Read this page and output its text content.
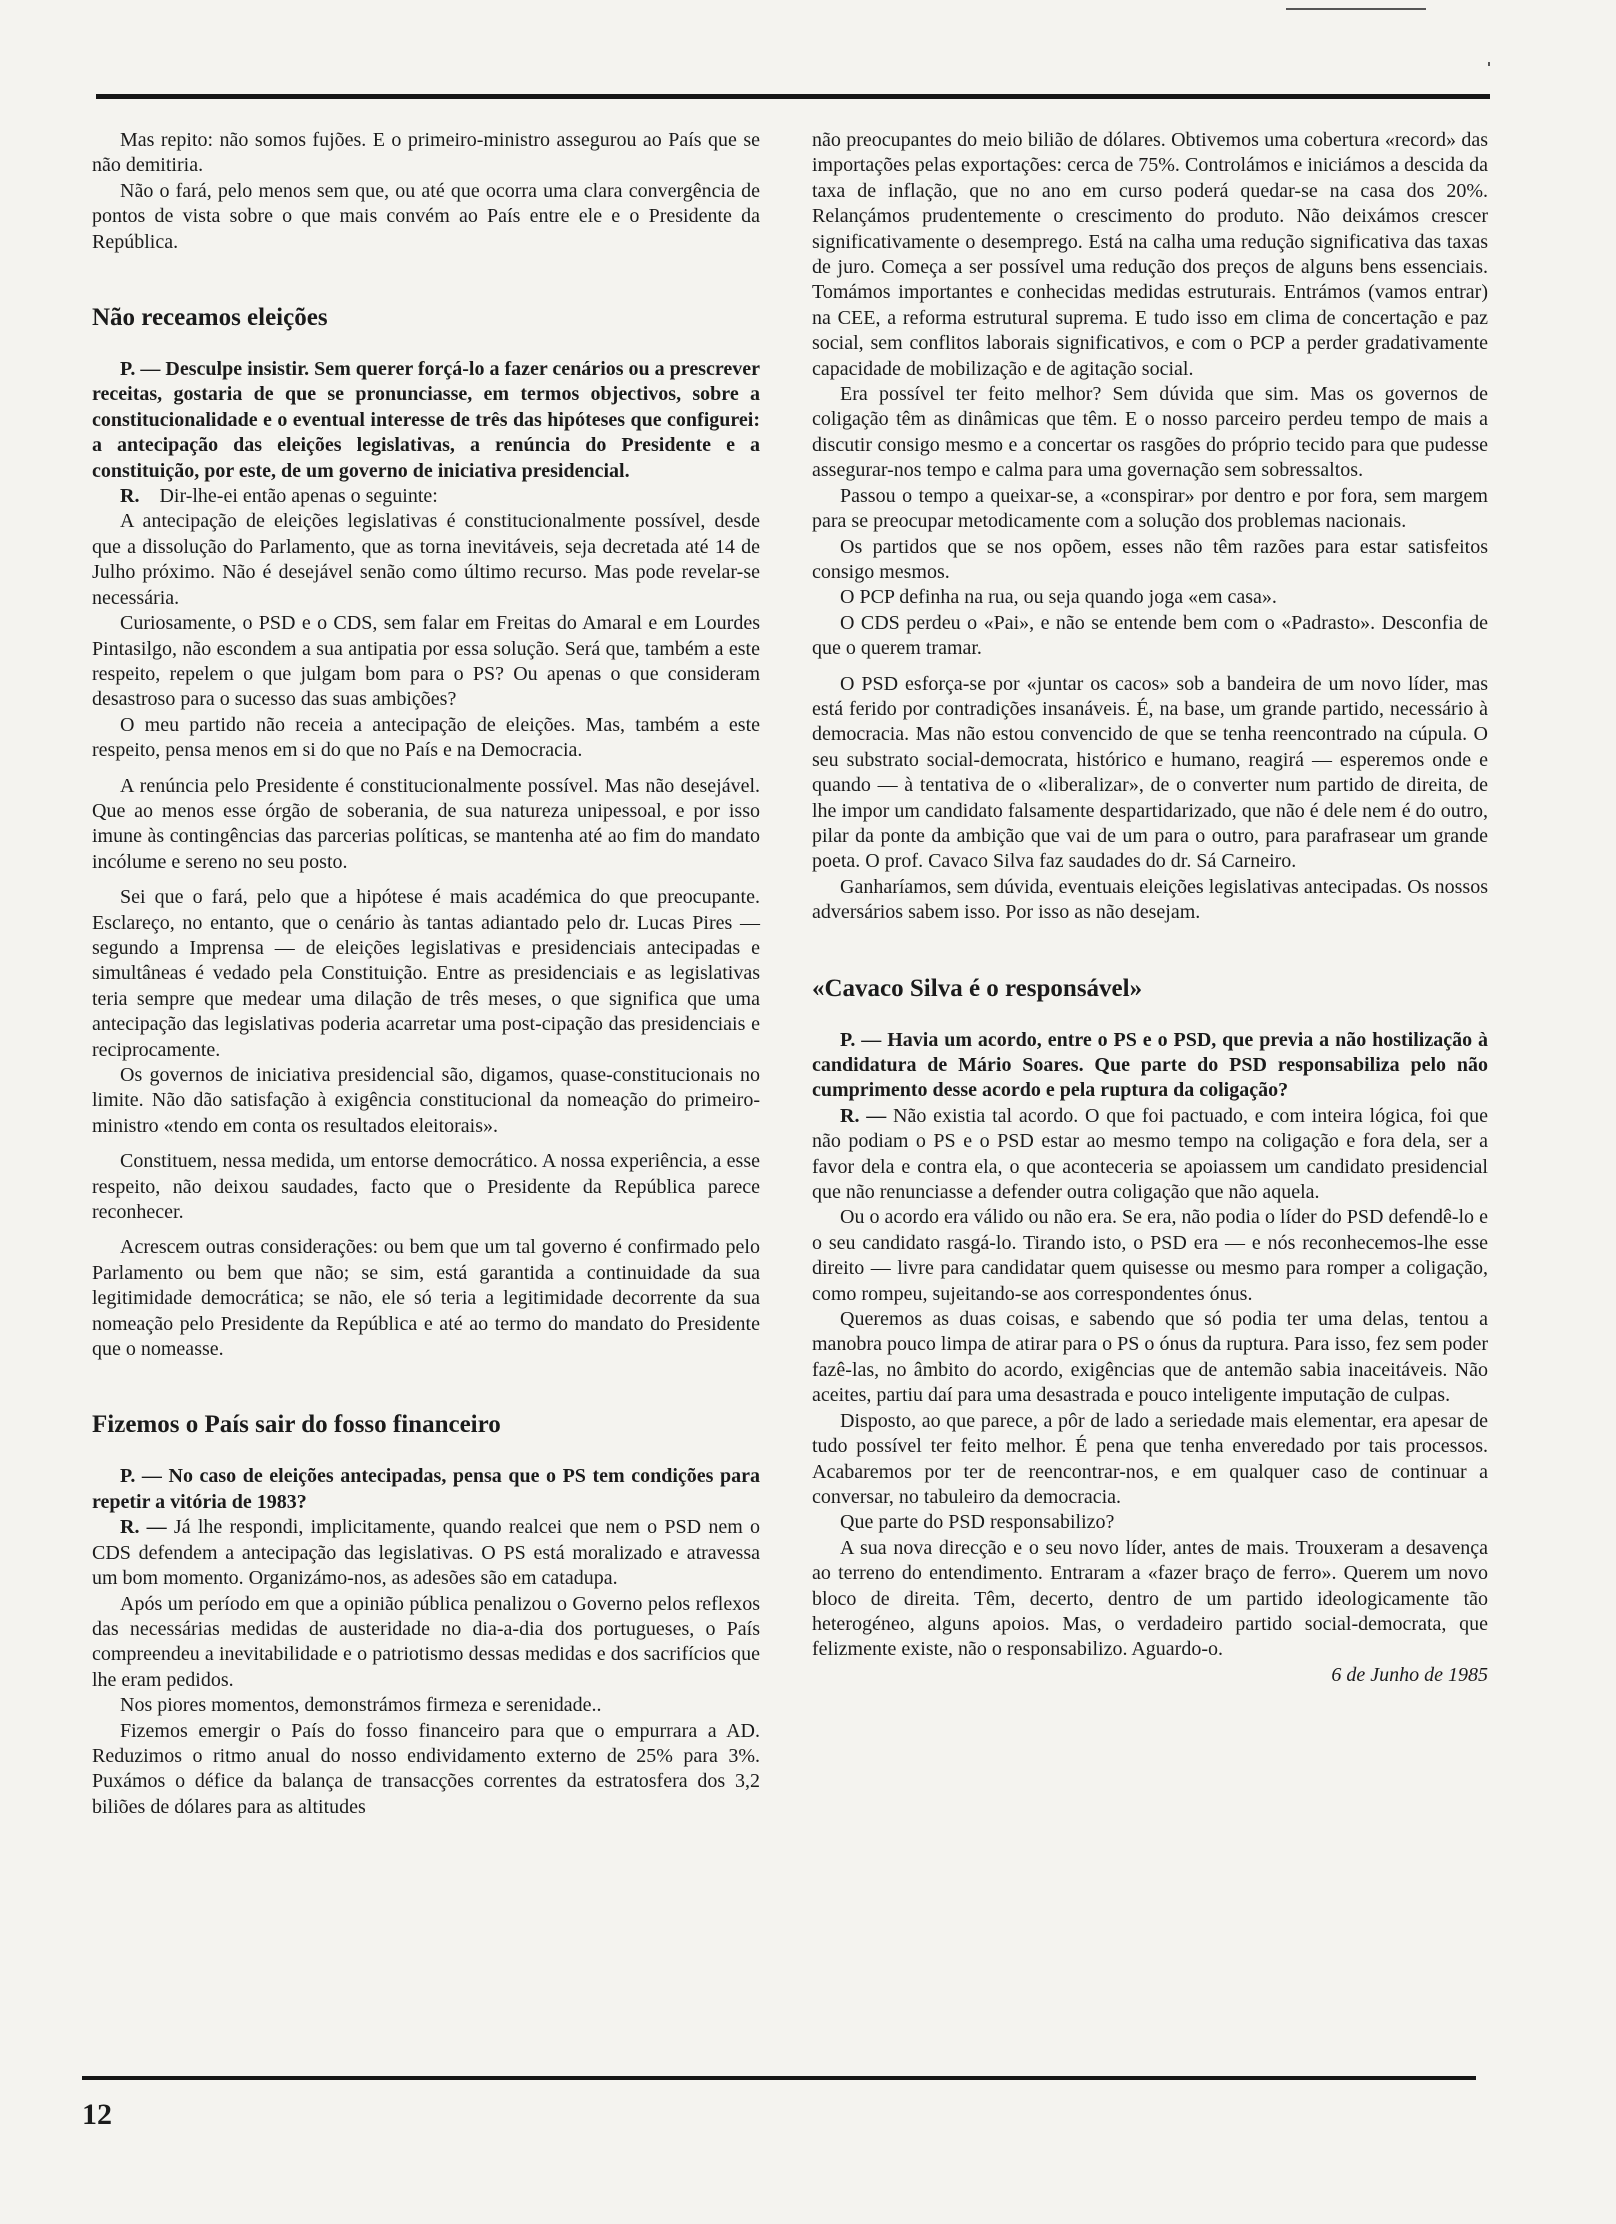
Mas repito: não somos fujões. E o primeiro-ministro assegurou ao País que se não demitiria.

Não o fará, pelo menos sem que, ou até que ocorra uma clara convergência de pontos de vista sobre o que mais convém ao País entre ele e o Presidente da República.

Não receamos eleições

P. — Desculpe insistir. Sem querer forçá-lo a fazer cenários ou a prescrever receitas, gostaria de que se pronunciasse, em termos objectivos, sobre a constitucionalidade e o eventual interesse de três das hipóteses que configurei: a antecipação das eleições legislativas, a renúncia do Presidente e a constituição, por este, de um governo de iniciativa presidencial.

R. Dir-lhe-ei então apenas o seguinte:

A antecipação de eleições legislativas é constitucionalmente possível, desde que a dissolução do Parlamento, que as torna inevitáveis, seja decretada até 14 de Julho próximo. Não é desejável senão como último recurso. Mas pode revelar-se necessária.

Curiosamente, o PSD e o CDS, sem falar em Freitas do Amaral e em Lourdes Pintasilgo, não escondem a sua antipatia por essa solução. Será que, também a este respeito, repelem o que julgam bom para o PS? Ou apenas o que consideram desastroso para o sucesso das suas ambições?

O meu partido não receia a antecipação de eleições. Mas, também a este respeito, pensa menos em si do que no País e na Democracia.

A renúncia pelo Presidente é constitucionalmente possível. Mas não desejável. Que ao menos esse órgão de soberania, de sua natureza unipessoal, e por isso imune às contingências das parcerias políticas, se mantenha até ao fim do mandato incólume e sereno no seu posto.

Sei que o fará, pelo que a hipótese é mais académica do que preocupante. Esclareço, no entanto, que o cenário às tantas adiantado pelo dr. Lucas Pires — segundo a Imprensa — de eleições legislativas e presidenciais antecipadas e simultâneas é vedado pela Constituição. Entre as presidenciais e as legislativas teria sempre que medear uma dilação de três meses, o que significa que uma antecipação das legislativas poderia acarretar uma post-cipação das presidenciais e reciprocamente.

Os governos de iniciativa presidencial são, digamos, quase-constitucionais no limite. Não dão satisfação à exigência constitucional da nomeação do primeiro-ministro «tendo em conta os resultados eleitorais».

Constituem, nessa medida, um entorse democrático. A nossa experiência, a esse respeito, não deixou saudades, facto que o Presidente da República parece reconhecer.

Acrescem outras considerações: ou bem que um tal governo é confirmado pelo Parlamento ou bem que não; se sim, está garantida a continuidade da sua legitimidade democrática; se não, ele só teria a legitimidade decorrente da sua nomeação pelo Presidente da República e até ao termo do mandato do Presidente que o nomeasse.

Fizemos o País sair do fosso financeiro

P. — No caso de eleições antecipadas, pensa que o PS tem condições para repetir a vitória de 1983?

R. — Já lhe respondi, implicitamente, quando realcei que nem o PSD nem o CDS defendem a antecipação das legislativas. O PS está moralizado e atravessa um bom momento. Organizámo-nos, as adesões são em catadupa.

Após um período em que a opinião pública penalizou o Governo pelos reflexos das necessárias medidas de austeridade no dia-a-dia dos portugueses, o País compreendeu a inevitabilidade e o patriotismo dessas medidas e dos sacrifícios que lhe eram pedidos.

Nos piores momentos, demonstrámos firmeza e serenidade..

Fizemos emergir o País do fosso financeiro para que o empurrara a AD. Reduzimos o ritmo anual do nosso endividamento externo de 25% para 3%. Puxámos o défice da balança de transacções correntes da estratosfera dos 3,2 biliões de dólares para as altitudes

não preocupantes do meio bilião de dólares. Obtivemos uma cobertura «record» das importações pelas exportações: cerca de 75%. Controlámos e iniciámos a descida da taxa de inflação, que no ano em curso poderá quedar-se na casa dos 20%. Relançámos prudentemente o crescimento do produto. Não deixámos crescer significativamente o desemprego. Está na calha uma redução significativa das taxas de juro. Começa a ser possível uma redução dos preços de alguns bens essenciais. Tomámos importantes e conhecidas medidas estruturais. Entrámos (vamos entrar) na CEE, a reforma estrutural suprema. E tudo isso em clima de concertação e paz social, sem conflitos laborais significativos, e com o PCP a perder gradativamente capacidade de mobilização e de agitação social.

Era possível ter feito melhor? Sem dúvida que sim. Mas os governos de coligação têm as dinâmicas que têm. E o nosso parceiro perdeu tempo de mais a discutir consigo mesmo e a concertar os rasgões do próprio tecido para que pudesse assegurar-nos tempo e calma para uma governação sem sobressaltos.

Passou o tempo a queixar-se, a «conspirar» por dentro e por fora, sem margem para se preocupar metodicamente com a solução dos problemas nacionais.

Os partidos que se nos opõem, esses não têm razões para estar satisfeitos consigo mesmos.

O PCP definha na rua, ou seja quando joga «em casa».

O CDS perdeu o «Pai», e não se entende bem com o «Padrasto». Desconfia de que o querem tramar.

O PSD esforça-se por «juntar os cacos» sob a bandeira de um novo líder, mas está ferido por contradições insanáveis. É, na base, um grande partido, necessário à democracia. Mas não estou convencido de que se tenha reencontrado na cúpula. O seu substrato social-democrata, histórico e humano, reagirá — esperemos onde e quando — à tentativa de o «liberalizar», de o converter num partido de direita, de lhe impor um candidato falsamente despartidarizado, que não é dele nem é do outro, pilar da ponte da ambição que vai de um para o outro, para parafrasear um grande poeta. O prof. Cavaco Silva faz saudades do dr. Sá Carneiro.

Ganharíamos, sem dúvida, eventuais eleições legislativas antecipadas. Os nossos adversários sabem isso. Por isso as não desejam.

«Cavaco Silva é o responsável»

P. — Havia um acordo, entre o PS e o PSD, que previa a não hostilização à candidatura de Mário Soares. Que parte do PSD responsabiliza pelo não cumprimento desse acordo e pela ruptura da coligação?

R. — Não existia tal acordo. O que foi pactuado, e com inteira lógica, foi que não podiam o PS e o PSD estar ao mesmo tempo na coligação e fora dela, ser a favor dela e contra ela, o que aconteceria se apoiassem um candidato presidencial que não renunciasse a defender outra coligação que não aquela.

Ou o acordo era válido ou não era. Se era, não podia o líder do PSD defendê-lo e o seu candidato rasgá-lo. Tirando isto, o PSD era — e nós reconhecemos-lhe esse direito — livre para candidatar quem quisesse ou mesmo para romper a coligação, como rompeu, sujeitando-se aos correspondentes ónus.

Queremos as duas coisas, e sabendo que só podia ter uma delas, tentou a manobra pouco limpa de atirar para o PS o ónus da ruptura. Para isso, fez sem poder fazê-las, no âmbito do acordo, exigências que de antemão sabia inaceitáveis. Não aceites, partiu daí para uma desastrada e pouco inteligente imputação de culpas.

Disposto, ao que parece, a pôr de lado a seriedade mais elementar, era apesar de tudo possível ter feito melhor. É pena que tenha enveredado por tais processos. Acabaremos por ter de reencontrar-nos, e em qualquer caso de continuar a conversar, no tabuleiro da democracia.

Que parte do PSD responsabilizo?

A sua nova direcção e o seu novo líder, antes de mais. Trouxeram a desavença ao terreno do entendimento. Entraram a «fazer braço de ferro». Querem um novo bloco de direita. Têm, decerto, dentro de um partido ideologicamente tão heterogéneo, alguns apoios. Mas, o verdadeiro partido social-democrata, que felizmente existe, não o responsabilizo. Aguardo-o.

6 de Junho de 1985

12
